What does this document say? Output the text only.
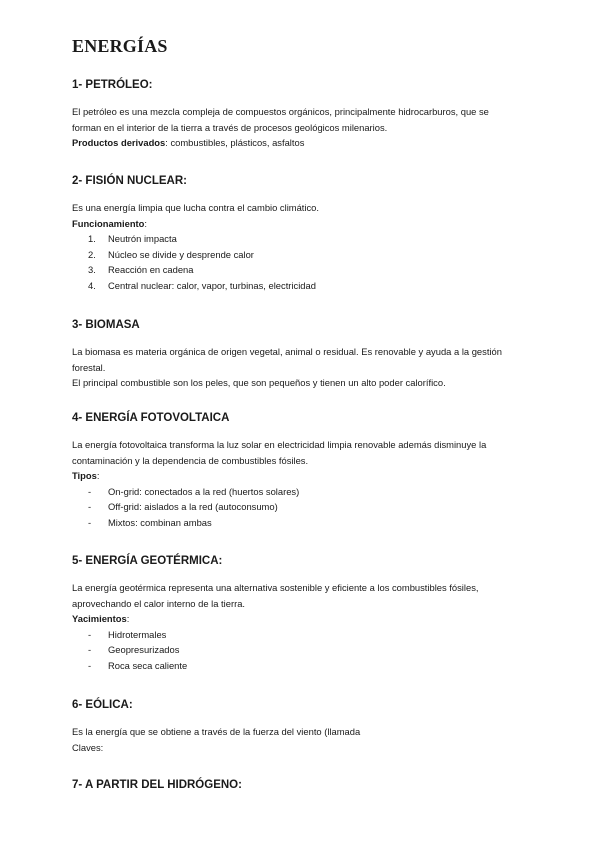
ENERGÍAS
1- PETRÓLEO:

El petróleo es una mezcla compleja de compuestos orgánicos, principalmente hidrocarburos, que se

forman en el interior de la tierra a través de procesos geológicos milenarios.

Productos derivados: combustibles, plásticos, asfaltos

2- FISIÓN NUCLEAR:

Es una energía limpia que lucha contra el cambio climático.

Funcionamiento:

1. Neutrón impacta
2. Núcleo se divide y desprende calor
3. Reacción en cadena
4. Central nuclear: calor, vapor, turbinas, electricidad
3- BIOMASA

La biomasa es materia orgánica de origen vegetal, animal o residual. Es renovable y ayuda a la gestión

forestal.

El principal combustible son los peles, que son pequeños y tienen un alto poder calorífico.

4- ENERGÍA FOTOVOLTAICA

La energía fotovoltaica transforma la luz solar en electricidad limpia renovable además disminuye la

contaminación y la dependencia de combustibles fósiles.

Tipos:

- On-grid: conectados a la red (huertos solares)
- Off-grid: aislados a la red (autoconsumo)
- Mixtos: combinan ambas
5- ENERGÍA GEOTÉRMICA:

La energía geotérmica representa una alternativa sostenible y eficiente a los combustibles fósiles,

aprovechando el calor interno de la tierra.

Yacimientos:

- Hidrotermales
- Geopresurizados
- Roca seca caliente
6- EÓLICA:

Es la energía que se obtiene a través de la fuerza del viento (llamada

Claves:

7- A PARTIR DEL HIDRÓGENO:
